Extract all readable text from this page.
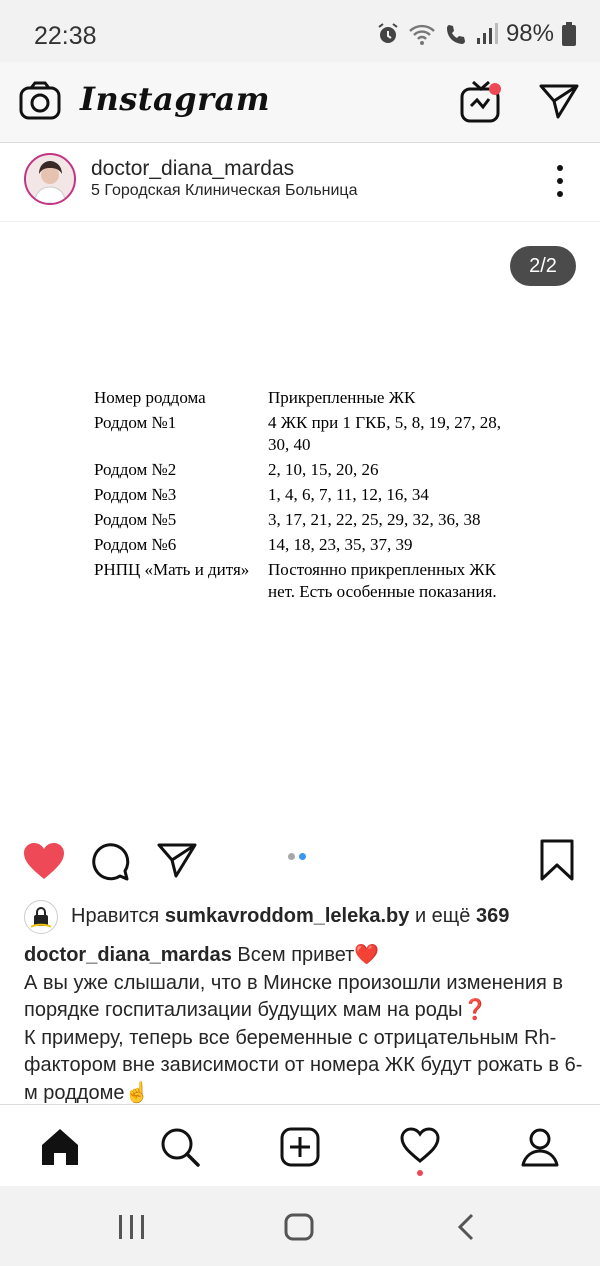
22:38	98%
Instagram
doctor_diana_mardas
5 Городская Клиническая Больница
2/2
Номер роддома	Прикрепленные ЖК
Роддом №1	4 ЖК при 1 ГКБ, 5, 8, 19, 27, 28, 30, 40
Роддом №2	2, 10, 15, 20, 26
Роддом №3	1, 4, 6, 7, 11, 12, 16, 34
Роддом №5	3, 17, 21, 22, 25, 29, 32, 36, 38
Роддом №6	14, 18, 23, 35, 37, 39
РНПЦ «Мать и дитя»	Постоянно прикрепленных ЖК нет. Есть особенные показания.
Нравится sumkavroddom_leleka.by и ещё 369
doctor_diana_mardas Всем привет❤️
А вы уже слышали, что в Минске произошли изменения в порядке госпитализации будущих мам на роды❓
К примеру, теперь все беременные с отрицательным Rh-фактором вне зависимости от номера ЖК будут рожать в 6-м роддоме☝️
